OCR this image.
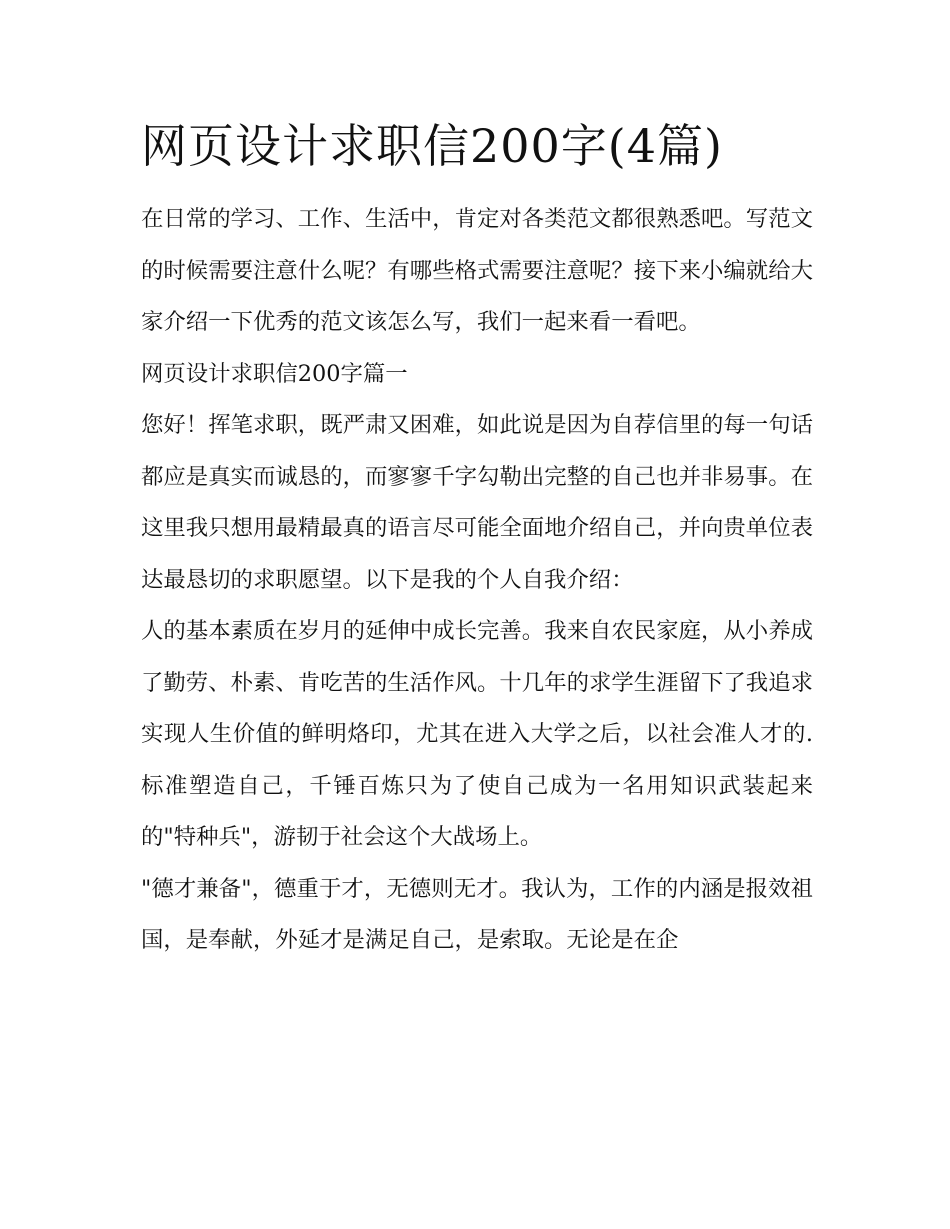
网页设计求职信200字(4篇)

在日常的学习、工作、生活中，肯定对各类范文都很熟悉吧。写范文的时候需要注意什么呢？有哪些格式需要注意呢？接下来小编就给大家介绍一下优秀的范文该怎么写，我们一起来看一看吧。

网页设计求职信200字篇一

您好！挥笔求职，既严肃又困难，如此说是因为自荐信里的每一句话都应是真实而诚恳的，而寥寥千字勾勒出完整的自己也并非易事。在这里我只想用最精最真的语言尽可能全面地介绍自己，并向贵单位表达最恳切的求职愿望。以下是我的个人自我介绍：

人的基本素质在岁月的延伸中成长完善。我来自农民家庭，从小养成了勤劳、朴素、肯吃苦的生活作风。十几年的求学生涯留下了我追求实现人生价值的鲜明烙印，尤其在进入大学之后，以社会准人才的.标准塑造自己，千锤百炼只为了使自己成为一名用知识武装起来的"特种兵"，游韧于社会这个大战场上。

"德才兼备"，德重于才，无德则无才。我认为，工作的内涵是报效祖国，是奉献，外延才是满足自己，是索取。无论是在企
